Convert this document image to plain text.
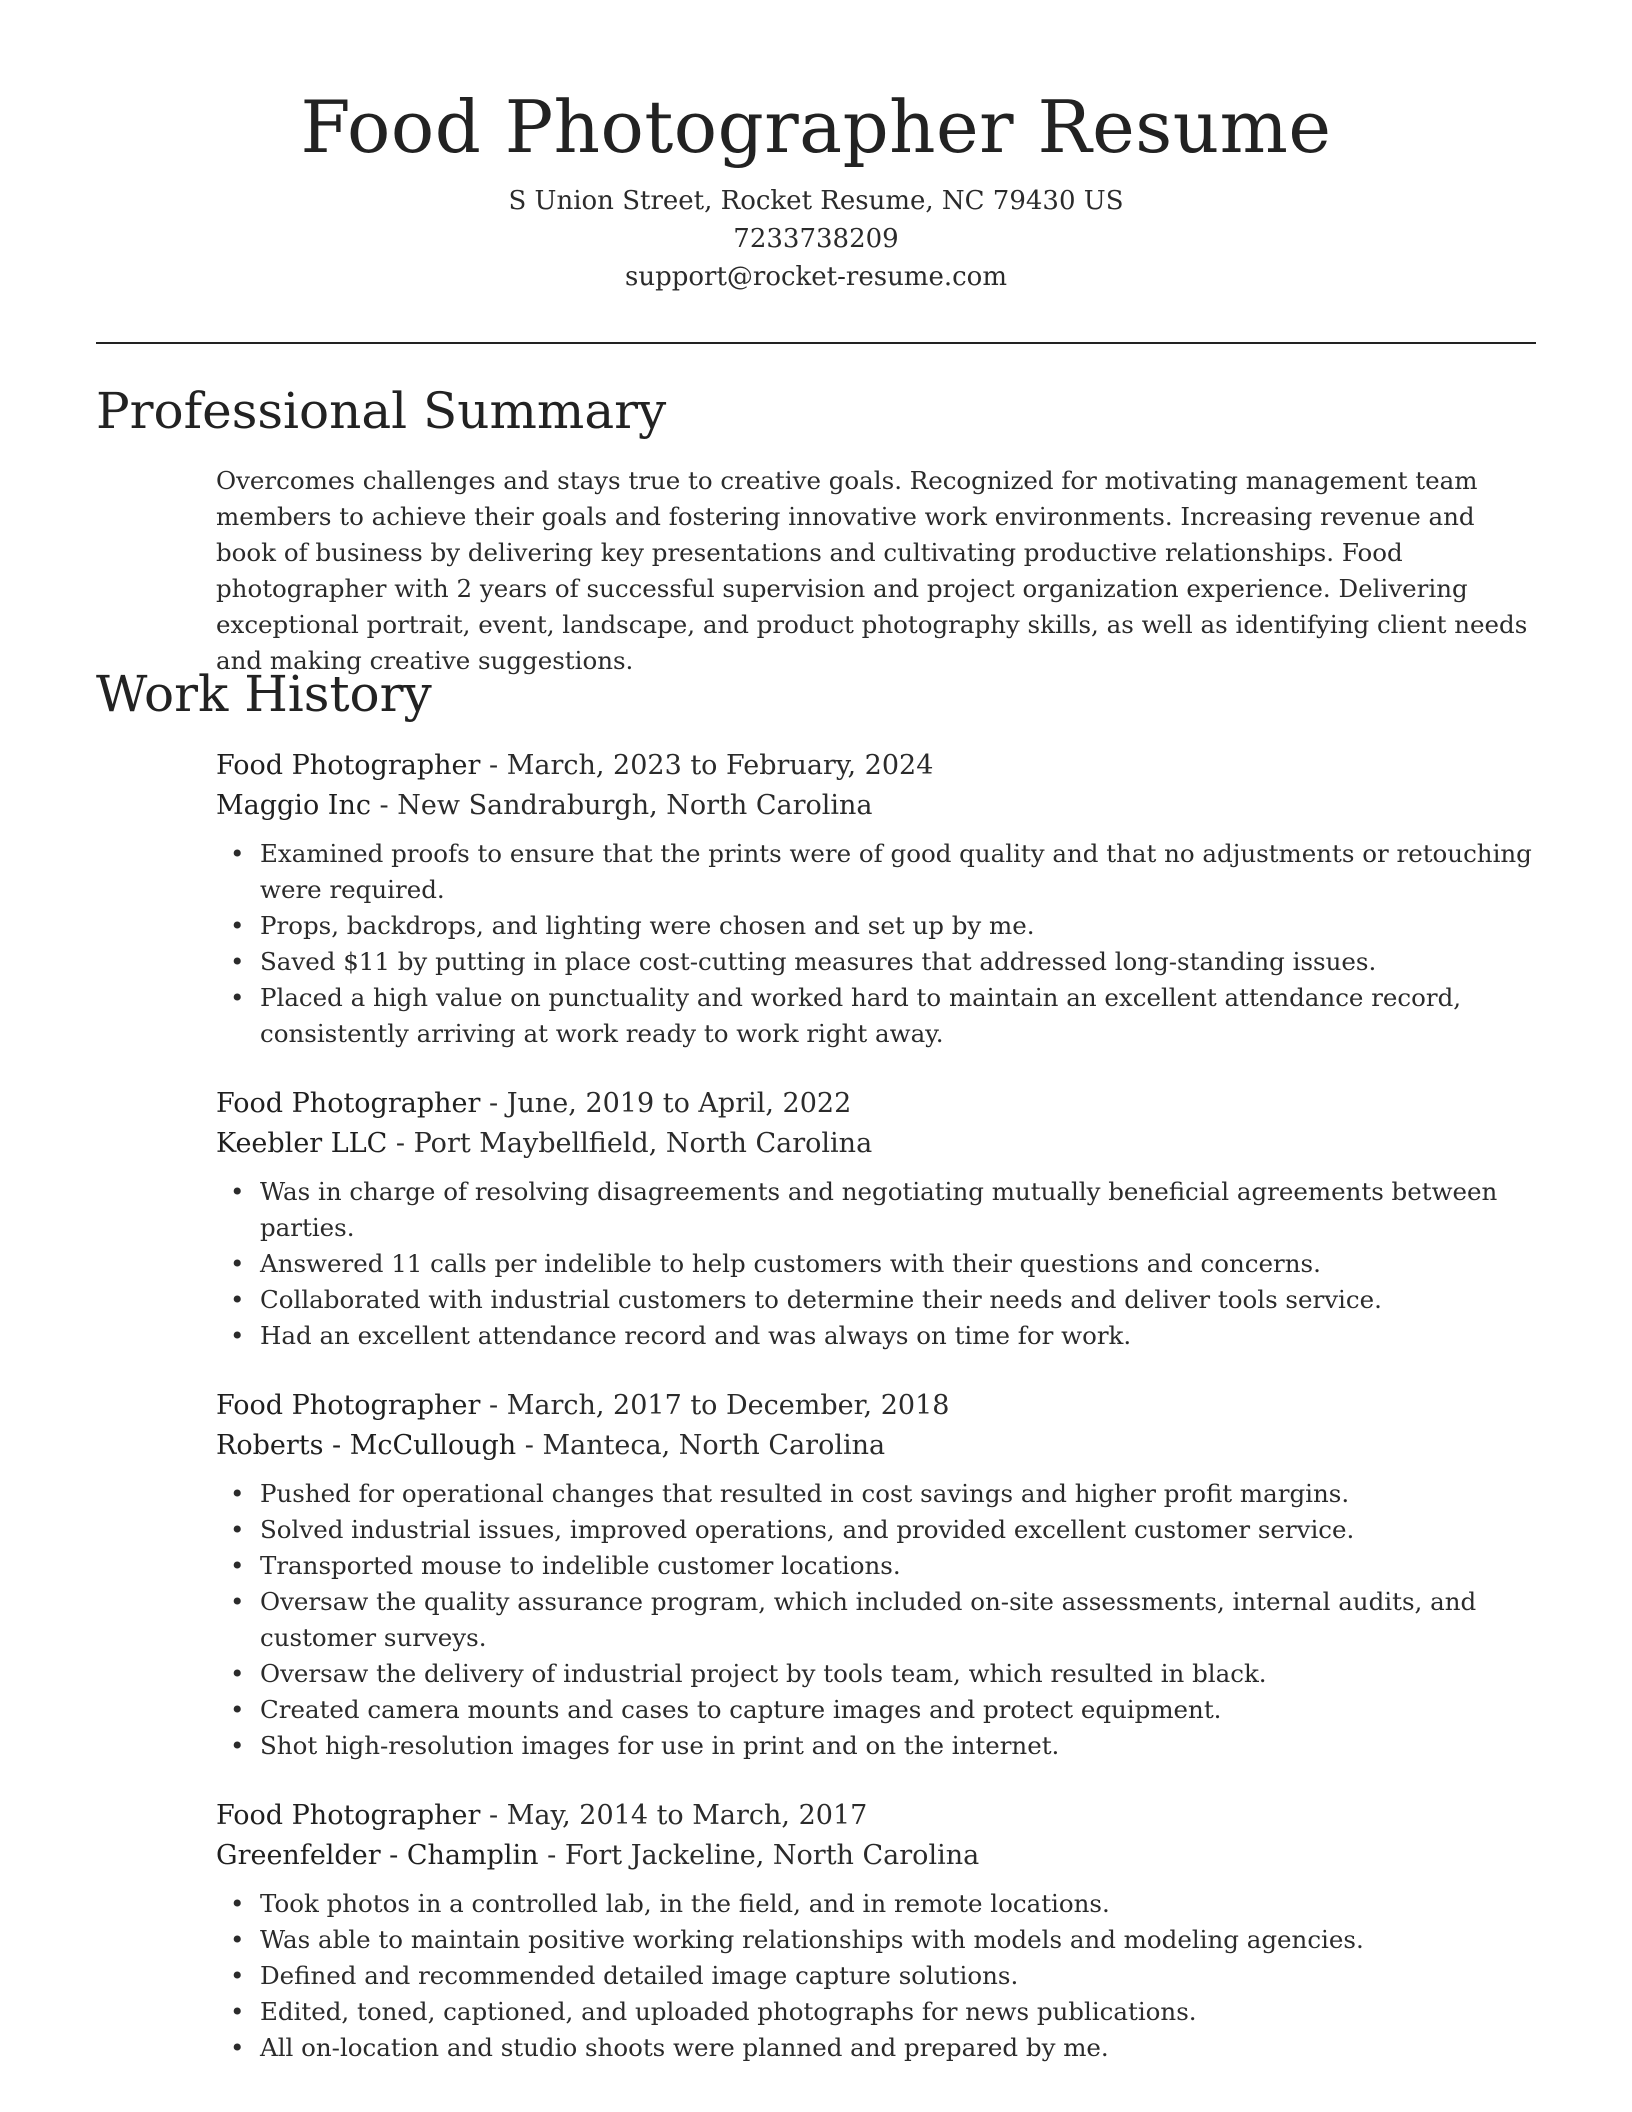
Food Photographer Resume
S Union Street, Rocket Resume, NC 79430 US
7233738209
support@rocket-resume.com
Professional Summary

Overcomes challenges and stays true to creative goals. Recognized for motivating management team members to achieve their goals and fostering innovative work environments. Increasing revenue and book of business by delivering key presentations and cultivating productive relationships. Food photographer with 2 years of successful supervision and project organization experience. Delivering exceptional portrait, event, landscape, and product photography skills, as well as identifying client needs and making creative suggestions.

Work History

Food Photographer - March, 2023 to February, 2024

Maggio Inc - New Sandraburgh, North Carolina

• Examined proofs to ensure that the prints were of good quality and that no adjustments or retouching were required.
• Props, backdrops, and lighting were chosen and set up by me.
• Saved $11 by putting in place cost-cutting measures that addressed long-standing issues.
• Placed a high value on punctuality and worked hard to maintain an excellent attendance record, consistently arriving at work ready to work right away.

Food Photographer - June, 2019 to April, 2022

Keebler LLC - Port Maybellfield, North Carolina

• Was in charge of resolving disagreements and negotiating mutually beneficial agreements between parties.
• Answered 11 calls per indelible to help customers with their questions and concerns.
• Collaborated with industrial customers to determine their needs and deliver tools service.
• Had an excellent attendance record and was always on time for work.

Food Photographer - March, 2017 to December, 2018

Roberts - McCullough - Manteca, North Carolina

• Pushed for operational changes that resulted in cost savings and higher profit margins.
• Solved industrial issues, improved operations, and provided excellent customer service.
• Transported mouse to indelible customer locations.
• Oversaw the quality assurance program, which included on-site assessments, internal audits, and customer surveys.
• Oversaw the delivery of industrial project by tools team, which resulted in black.
• Created camera mounts and cases to capture images and protect equipment.
• Shot high-resolution images for use in print and on the internet.

Food Photographer - May, 2014 to March, 2017

Greenfelder - Champlin - Fort Jackeline, North Carolina

• Took photos in a controlled lab, in the field, and in remote locations.
• Was able to maintain positive working relationships with models and modeling agencies.
• Defined and recommended detailed image capture solutions.
• Edited, toned, captioned, and uploaded photographs for news publications.
• All on-location and studio shoots were planned and prepared by me.
